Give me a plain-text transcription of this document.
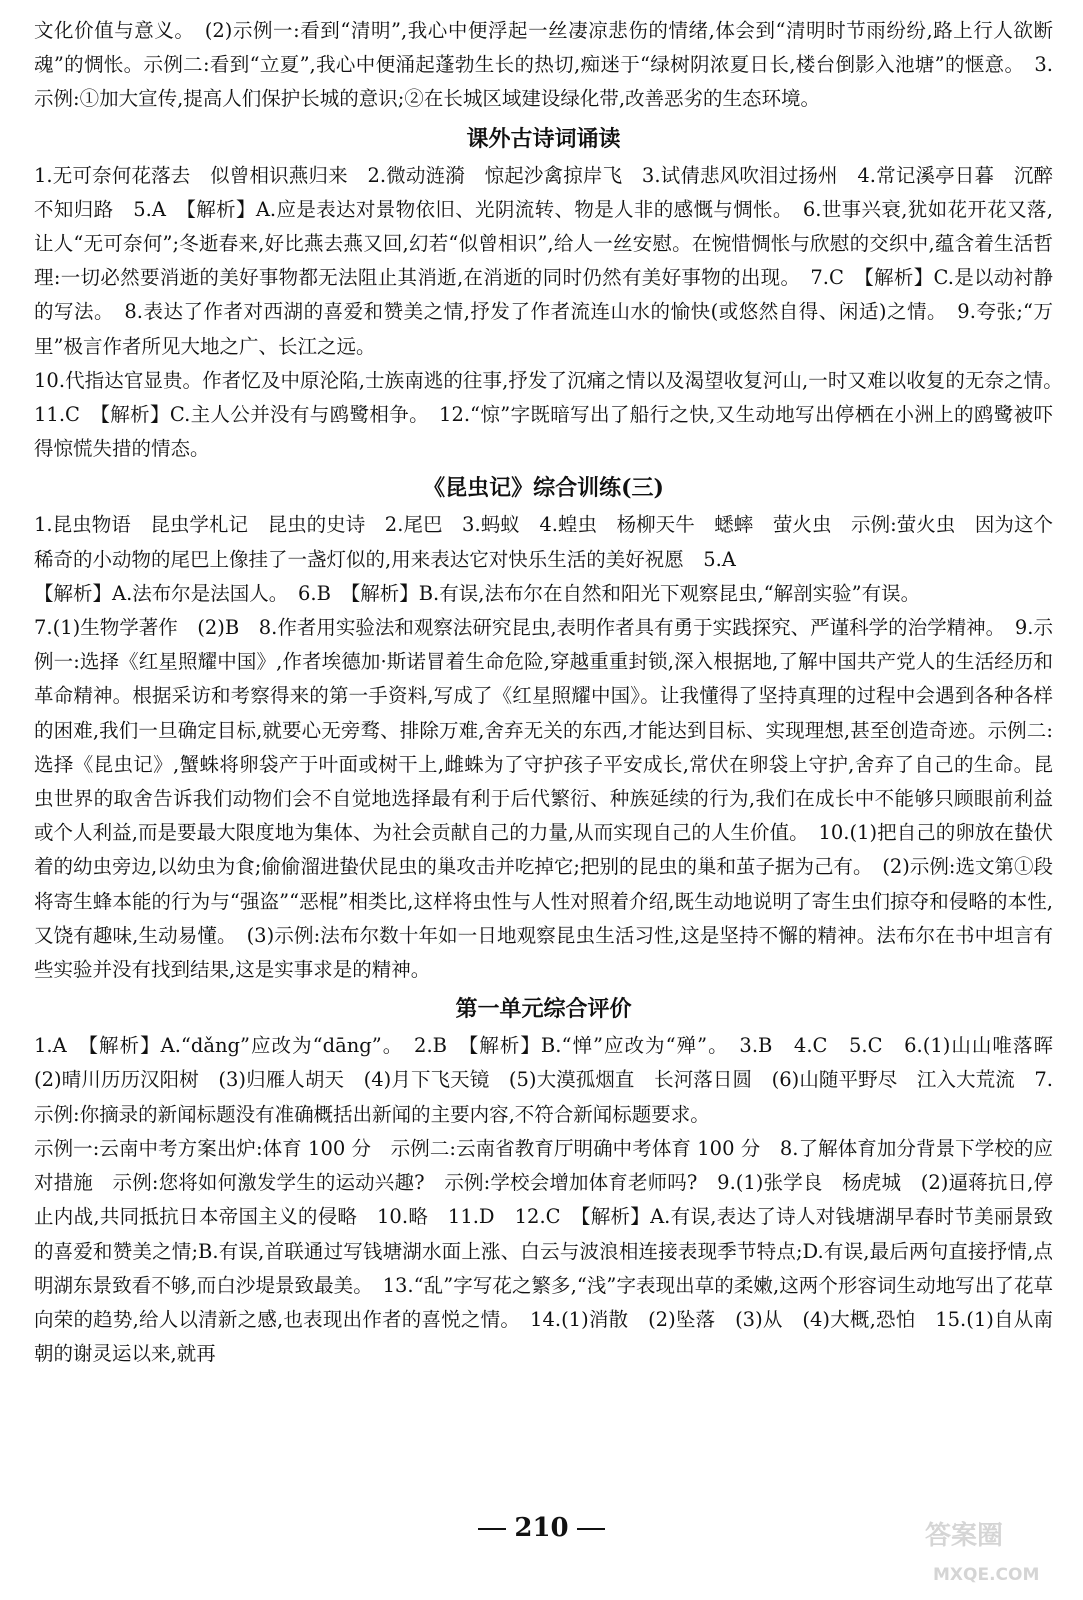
文化价值与意义。　(2)示例一:看到“清明”,我心中便浮起一丝凄凉悲伤的情绪,体会到“清明时节雨纷纷,路上行人欲断魂”的惆怅。示例二:看到“立夏”,我心中便涌起蓬勃生长的热切,痴迷于“绿树阴浓夏日长,楼台倒影入池塘”的惬意。　3.示例:①加大宣传,提高人们保护长城的意识;②在长城区域建设绿化带,改善恶劣的生态环境。

课外古诗词诵读

1.无可奈何花落去　似曾相识燕归来　2.微动涟漪　惊起沙禽掠岸飞　3.试倩悲风吹泪过扬州　4.常记溪亭日暮　沉醉不知归路　5.A　【解析】A.应是表达对景物依旧、光阴流转、物是人非的感慨与惆怅。　6.世事兴衰,犹如花开花又落,让人“无可奈何”;冬逝春来,好比燕去燕又回,幻若“似曾相识”,给人一丝安慰。在惋惜惆怅与欣慰的交织中,蕴含着生活哲理:一切必然要消逝的美好事物都无法阻止其消逝,在消逝的同时仍然有美好事物的出现。　7.C　【解析】C.是以动衬静的写法。　8.表达了作者对西湖的喜爱和赞美之情,抒发了作者流连山水的愉快(或悠然自得、闲适)之情。　9.夸张;“万里”极言作者所见大地之广、长江之远。

10.代指达官显贵。作者忆及中原沦陷,士族南逃的往事,抒发了沉痛之情以及渴望收复河山,一时又难以收复的无奈之情。　11.C　【解析】C.主人公并没有与鸥鹭相争。　12.“惊”字既暗写出了船行之快,又生动地写出停栖在小洲上的鸥鹭被吓得惊慌失措的情态。

《昆虫记》综合训练(三)

1.昆虫物语　昆虫学札记　昆虫的史诗　2.尾巴　3.蚂蚁　4.蝗虫　杨柳天牛　蟋蟀　萤火虫　示例:萤火虫　因为这个稀奇的小动物的尾巴上像挂了一盏灯似的,用来表达它对快乐生活的美好祝愿　5.A

【解析】A.法布尔是法国人。　6.B　【解析】B.有误,法布尔在自然和阳光下观察昆虫,“解剖实验”有误。

7.(1)生物学著作　(2)B　8.作者用实验法和观察法研究昆虫,表明作者具有勇于实践探究、严谨科学的治学精神。　9.示例一:选择《红星照耀中国》,作者埃德加·斯诺冒着生命危险,穿越重重封锁,深入根据地,了解中国共产党人的生活经历和革命精神。根据采访和考察得来的第一手资料,写成了《红星照耀中国》。让我懂得了坚持真理的过程中会遇到各种各样的困难,我们一旦确定目标,就要心无旁骛、排除万难,舍弃无关的东西,才能达到目标、实现理想,甚至创造奇迹。示例二:选择《昆虫记》,蟹蛛将卵袋产于叶面或树干上,雌蛛为了守护孩子平安成长,常伏在卵袋上守护,舍弃了自己的生命。昆虫世界的取舍告诉我们动物们会不自觉地选择最有利于后代繁衍、种族延续的行为,我们在成长中不能够只顾眼前利益或个人利益,而是要最大限度地为集体、为社会贡献自己的力量,从而实现自己的人生价值。　10.(1)把自己的卵放在蛰伏着的幼虫旁边,以幼虫为食;偷偷溜进蛰伏昆虫的巢攻击并吃掉它;把别的昆虫的巢和茧子据为己有。　(2)示例:选文第①段将寄生蜂本能的行为与“强盗”“恶棍”相类比,这样将虫性与人性对照着介绍,既生动地说明了寄生虫们掠夺和侵略的本性,又饶有趣味,生动易懂。　(3)示例:法布尔数十年如一日地观察昆虫生活习性,这是坚持不懈的精神。法布尔在书中坦言有些实验并没有找到结果,这是实事求是的精神。

第一单元综合评价

1.A　【解析】A.“dǎng”应改为“dāng”。　2.B　【解析】B.“惮”应改为“殚”。　3.B　4.C　5.C　6.(1)山山唯落晖　(2)晴川历历汉阳树　(3)归雁人胡天　(4)月下飞天镜　(5)大漠孤烟直　长河落日圆　(6)山随平野尽　江入大荒流　7.示例:你摘录的新闻标题没有准确概括出新闻的主要内容,不符合新闻标题要求。

示例一:云南中考方案出炉:体育 100 分　示例二:云南省教育厅明确中考体育 100 分　8.了解体育加分背景下学校的应对措施　示例:您将如何激发学生的运动兴趣?　示例:学校会增加体育老师吗?　9.(1)张学良　杨虎城　(2)逼蒋抗日,停止内战,共同抵抗日本帝国主义的侵略　10.略　11.D　12.C　【解析】A.有误,表达了诗人对钱塘湖早春时节美丽景致的喜爱和赞美之情;B.有误,首联通过写钱塘湖水面上涨、白云与波浪相连接表现季节特点;D.有误,最后两句直接抒情,点明湖东景致看不够,而白沙堤景致最美。　13.“乱”字写花之繁多,“浅”字表现出草的柔嫩,这两个形容词生动地写出了花草向荣的趋势,给人以清新之感,也表现出作者的喜悦之情。　14.(1)消散　(2)坠落　(3)从　(4)大概,恐怕　15.(1)自从南朝的谢灵运以来,就再

210	答案圈
MXQE.COM
